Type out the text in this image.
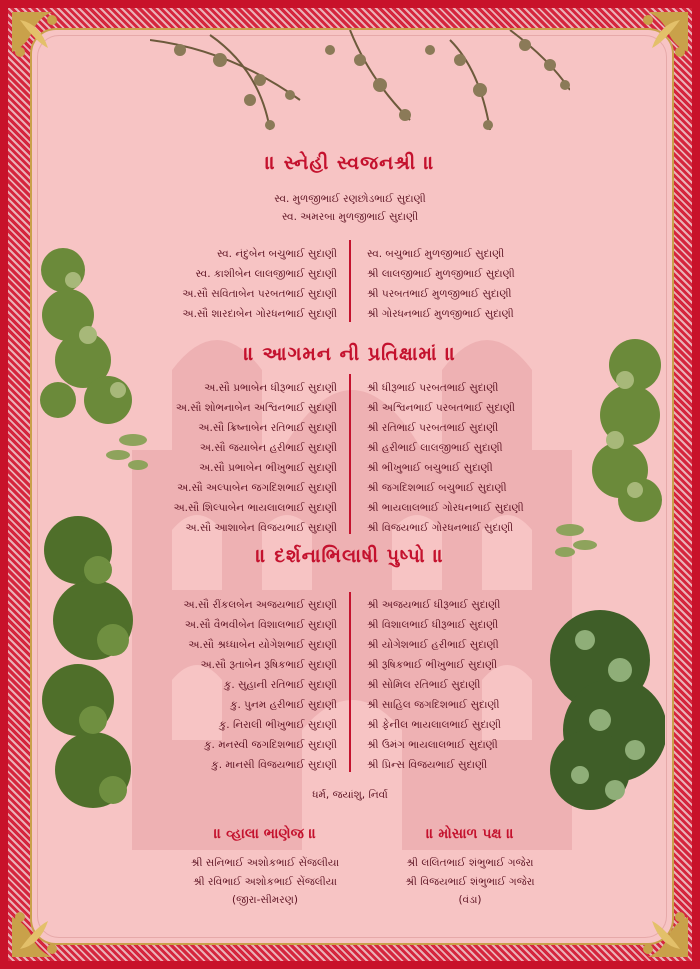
॥ સ્નેહી સ્વજનશ્રી ॥
સ્વ. મુળજીભાઈ રણછોડભાઈ સુદાણી
સ્વ. અમરબા મુળજીભાઈ સુદાણી
સ્વ. નંદુબેન બચુભાઈ સુદાણી
સ્વ. કાશીબેન લાલજીભાઈ સુદાણી
અ.સૌ સવિતાબેન પરબતભાઈ સુદાણી
અ.સૌ શારદાબેન ગોરધનભાઈ સુદાણી
સ્વ. બચુભાઈ મુળજીભાઈ સુદાણી
શ્રી લાલજીભાઈ મુળજીભાઈ સુદાણી
શ્રી પરબતભાઈ મુળજીભાઈ સુદાણી
શ્રી ગોરધનભાઈ મુળજીભાઈ સુદાણી
॥ આગમન ની પ્રતિક્ષામાં ॥
અ.સૌ પ્રભાબેન ધીરૂભાઈ સુદાણી
અ.સૌ શોભનાબેન અશ્વિનભાઈ સુદાણી
અ.સૌ ક્રિષ્નાબેન રતિભાઈ સુદાણી
અ.સૌ જયાબેન હરીભાઈ સુદાણી
અ.સૌ પ્રભાબેન ભીખુભાઈ સુદાણી
અ.સૌ અલ્પાબેન જગદિશભાઈ સુદાણી
અ.સૌ શિલ્પાબેન ભાયલાલભાઈ સુદાણી
અ.સૌ આશાબેન વિજયભાઈ સુદાણી
શ્રી ધીરૂભાઈ પરબતભાઈ સુદાણી
શ્રી અશ્વિનભાઈ પરબતભાઈ સુદાણી
શ્રી રતિભાઈ પરબતભાઈ સુદાણી
શ્રી હરીભાઈ લાલજીભાઈ સુદાણી
શ્રી ભીખુભાઈ બચુભાઈ સુદાણી
શ્રી જગદિશભાઈ બચુભાઈ સુદાણી
શ્રી ભાયલાલભાઈ ગોરધનભાઈ સુદાણી
શ્રી વિજયભાઈ ગોરધનભાઈ સુદાણી
॥ દર્શનાભિલાષી પુષ્પો ॥
અ.સૌ રીંકલબેન અજયભાઈ સુદાણી
અ.સૌ વૈભવીબેન વિશાલભાઈ સુદાણી
અ.સૌ શ્રધ્ધાબેન યોગેશભાઈ સુદાણી
અ.સૌ રૂતાબેન રૂષિકભાઈ સુદાણી
કુ. સુહાની રતિભાઈ સુદાણી
કુ. પુનમ હરીભાઈ સુદાણી
કુ. નિરાલી ભીખુભાઈ સુદાણી
કુ. મનસ્વી જગદિશભાઈ સુદાણી
કુ. માનસી વિજયભાઈ સુદાણી
શ્રી અજયભાઈ ધીરૂભાઈ સુદાણી
શ્રી વિશાલભાઈ ધીરૂભાઈ સુદાણી
શ્રી યોગેશભાઈ હરીભાઈ સુદાણી
શ્રી રૂષિકભાઈ ભીખુભાઈ સુદાણી
શ્રી સોમિલ રતિભાઈ સુદાણી
શ્રી સાહિલ જગદિશભાઈ સુદાણી
શ્રી ફેનીલ ભાયલાલભાઈ સુદાણી
શ્રી ઉમંગ ભાયલાલભાઈ સુદાણી
શ્રી પ્રિન્સ વિજયભાઈ સુદાણી
ધર્મ, જયાંશુ, નિર્વા
॥ વ્હાલા ભાણેજ ॥
શ્રી સનિભાઈ અશોકભાઈ સેંજલીયા
શ્રી રવિભાઈ અશોકભાઈ સેંજલીયા
(જીરા-સીમરણ)
॥ મોસાળ પક્ષ ॥
શ્રી લલિતભાઈ શંભુભાઈ ગજેરા
શ્રી વિજયભાઈ શંભુભાઈ ગજેરા
(વંડા)
